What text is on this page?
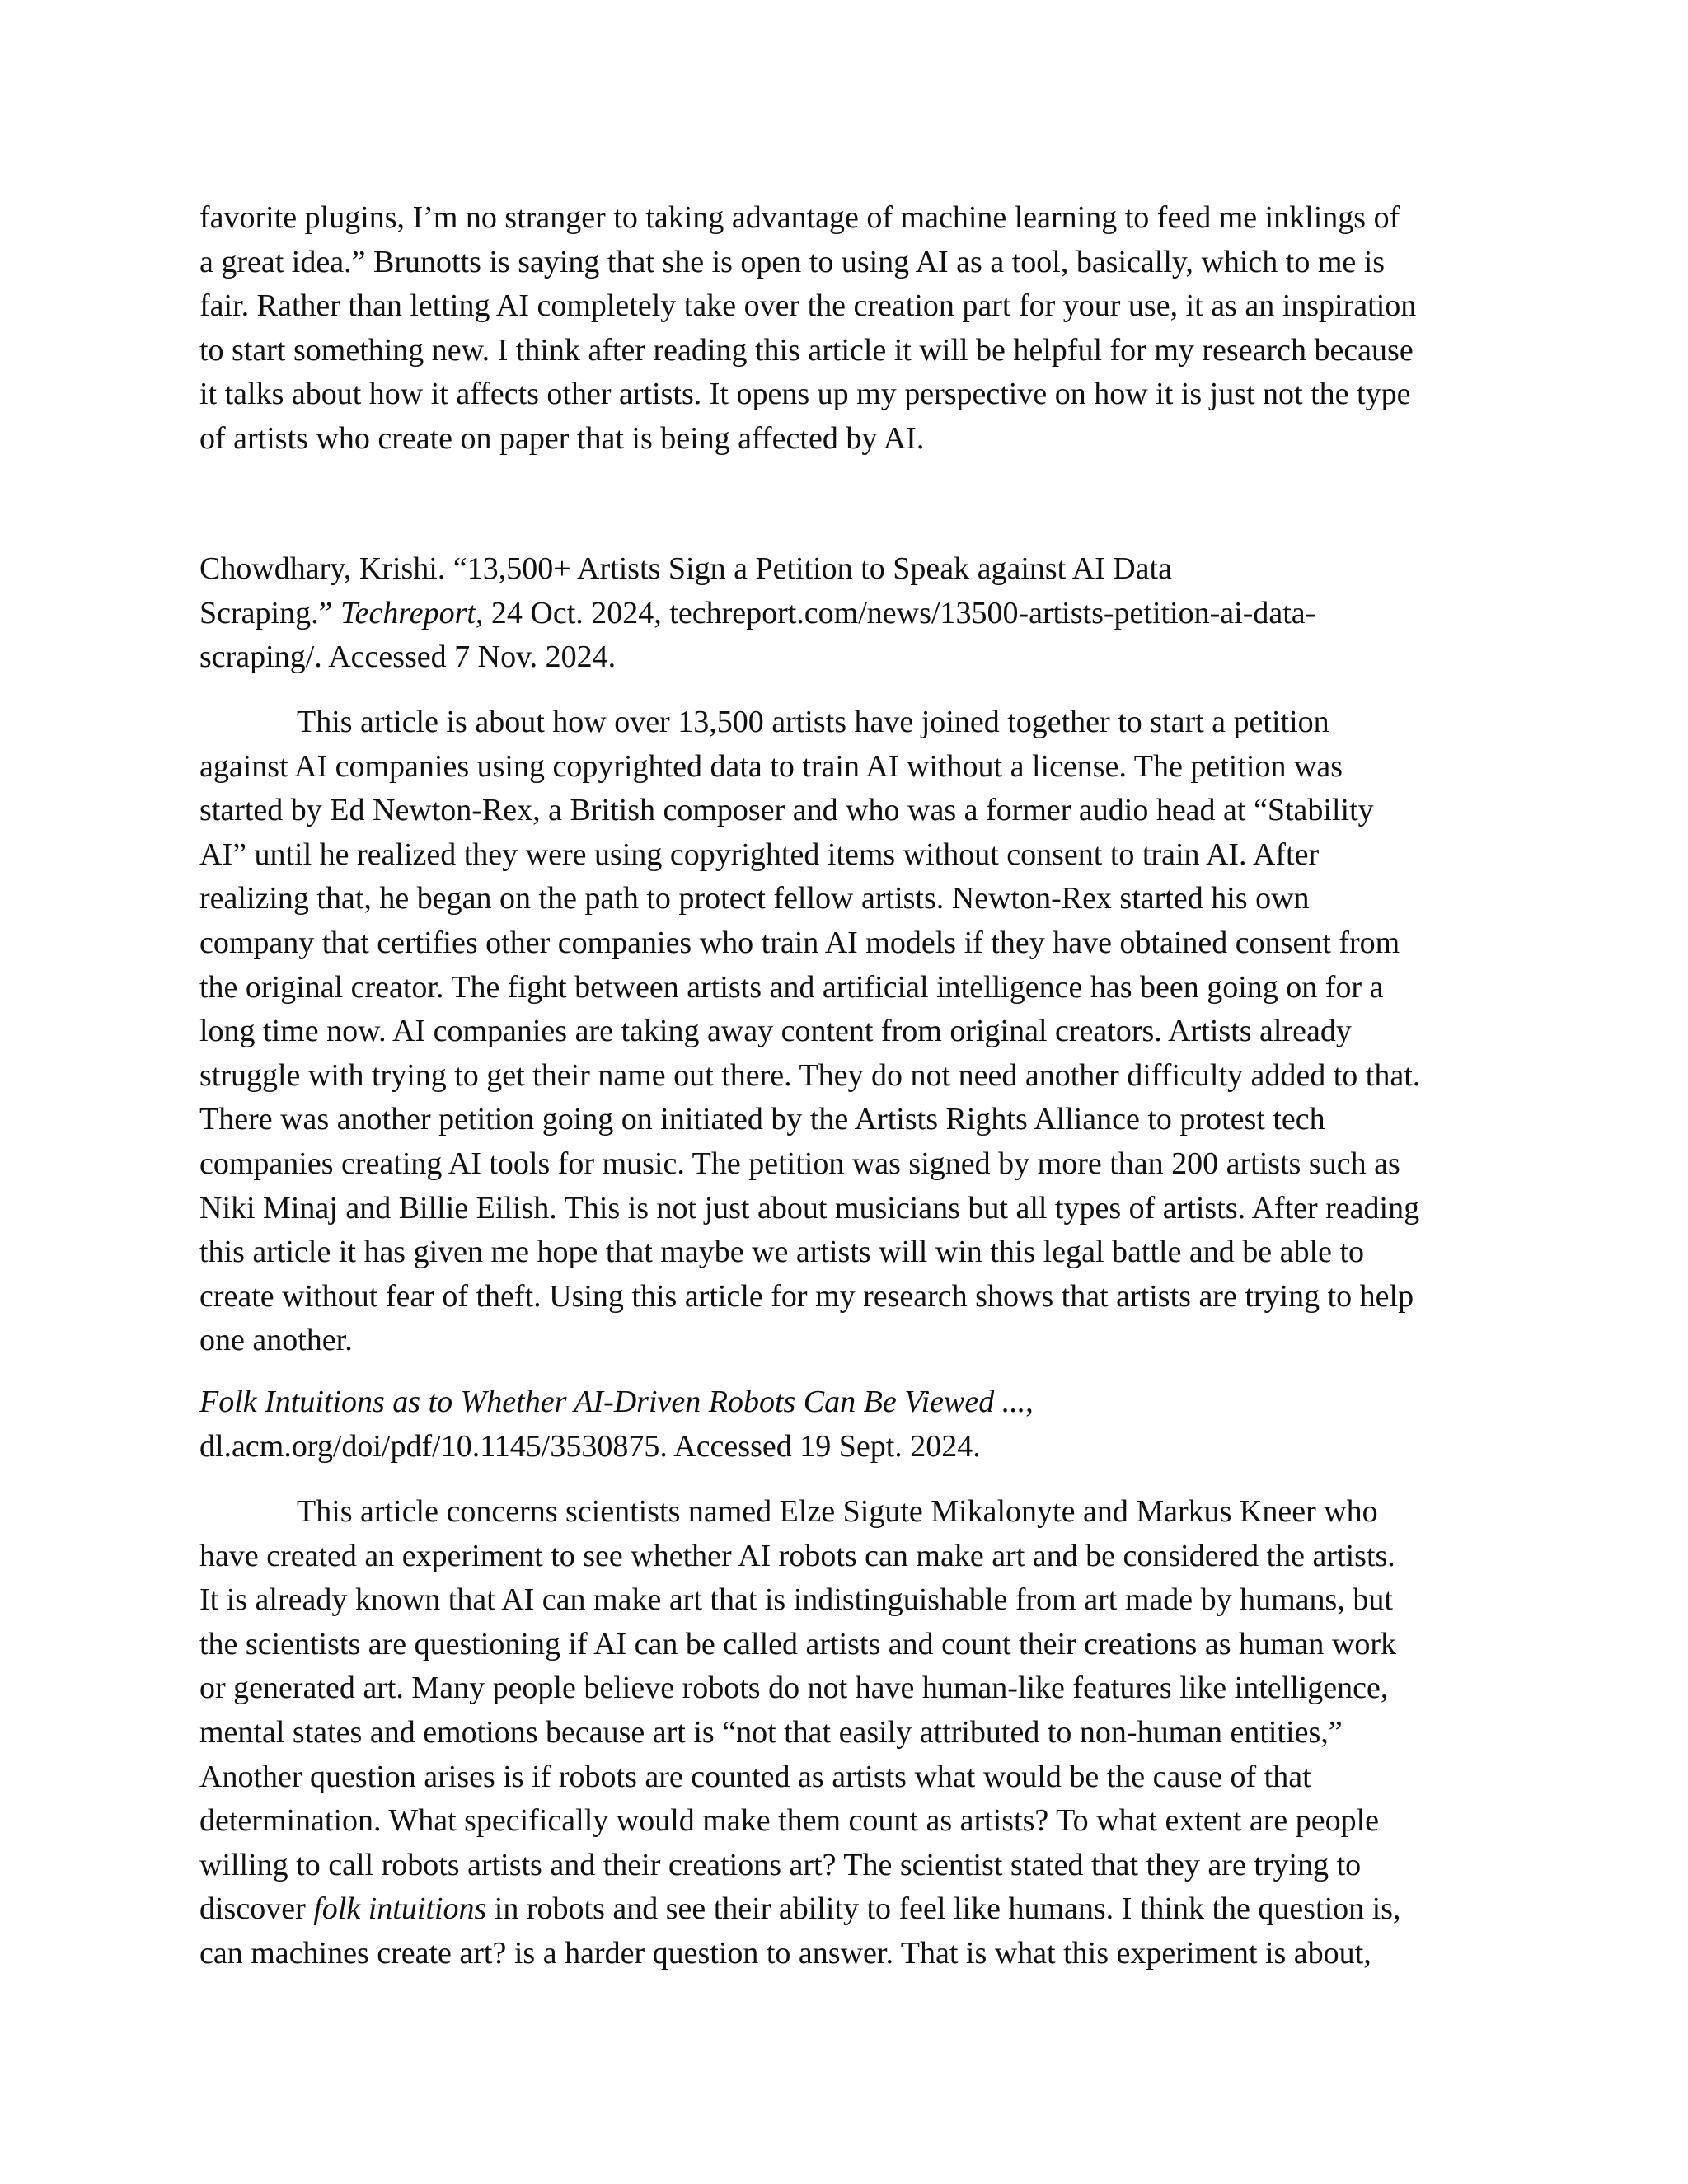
favorite plugins, I’m no stranger to taking advantage of machine learning to feed me inklings of
a great idea.” Brunotts is saying that she is open to using AI as a tool, basically, which to me is
fair. Rather than letting AI completely take over the creation part for your use, it as an inspiration
to start something new. I think after reading this article it will be helpful for my research because
it talks about how it affects other artists. It opens up my perspective on how it is just not the type
of artists who create on paper that is being affected by AI.
Chowdhary, Krishi. “13,500+ Artists Sign a Petition to Speak against AI Data
Scraping.” Techreport, 24 Oct. 2024, techreport.com/news/13500-artists-petition-ai-data-
scraping/. Accessed 7 Nov. 2024.
This article is about how over 13,500 artists have joined together to start a petition
against AI companies using copyrighted data to train AI without a license. The petition was
started by Ed Newton-Rex, a British composer and who was a former audio head at “Stability
AI” until he realized they were using copyrighted items without consent to train AI. After
realizing that, he began on the path to protect fellow artists. Newton-Rex started his own
company that certifies other companies who train AI models if they have obtained consent from
the original creator. The fight between artists and artificial intelligence has been going on for a
long time now. AI companies are taking away content from original creators. Artists already
struggle with trying to get their name out there. They do not need another difficulty added to that.
There was another petition going on initiated by the Artists Rights Alliance to protest tech
companies creating AI tools for music. The petition was signed by more than 200 artists such as
Niki Minaj and Billie Eilish. This is not just about musicians but all types of artists. After reading
this article it has given me hope that maybe we artists will win this legal battle and be able to
create without fear of theft. Using this article for my research shows that artists are trying to help
one another.
Folk Intuitions as to Whether AI-Driven Robots Can Be Viewed ...,
dl.acm.org/doi/pdf/10.1145/3530875. Accessed 19 Sept. 2024.
This article concerns scientists named Elze Sigute Mikalonyte and Markus Kneer who
have created an experiment to see whether AI robots can make art and be considered the artists.
It is already known that AI can make art that is indistinguishable from art made by humans, but
the scientists are questioning if AI can be called artists and count their creations as human work
or generated art. Many people believe robots do not have human-like features like intelligence,
mental states and emotions because art is “not that easily attributed to non-human entities,”
Another question arises is if robots are counted as artists what would be the cause of that
determination. What specifically would make them count as artists? To what extent are people
willing to call robots artists and their creations art? The scientist stated that they are trying to
discover folk intuitions in robots and see their ability to feel like humans. I think the question is,
can machines create art? is a harder question to answer. That is what this experiment is about,
